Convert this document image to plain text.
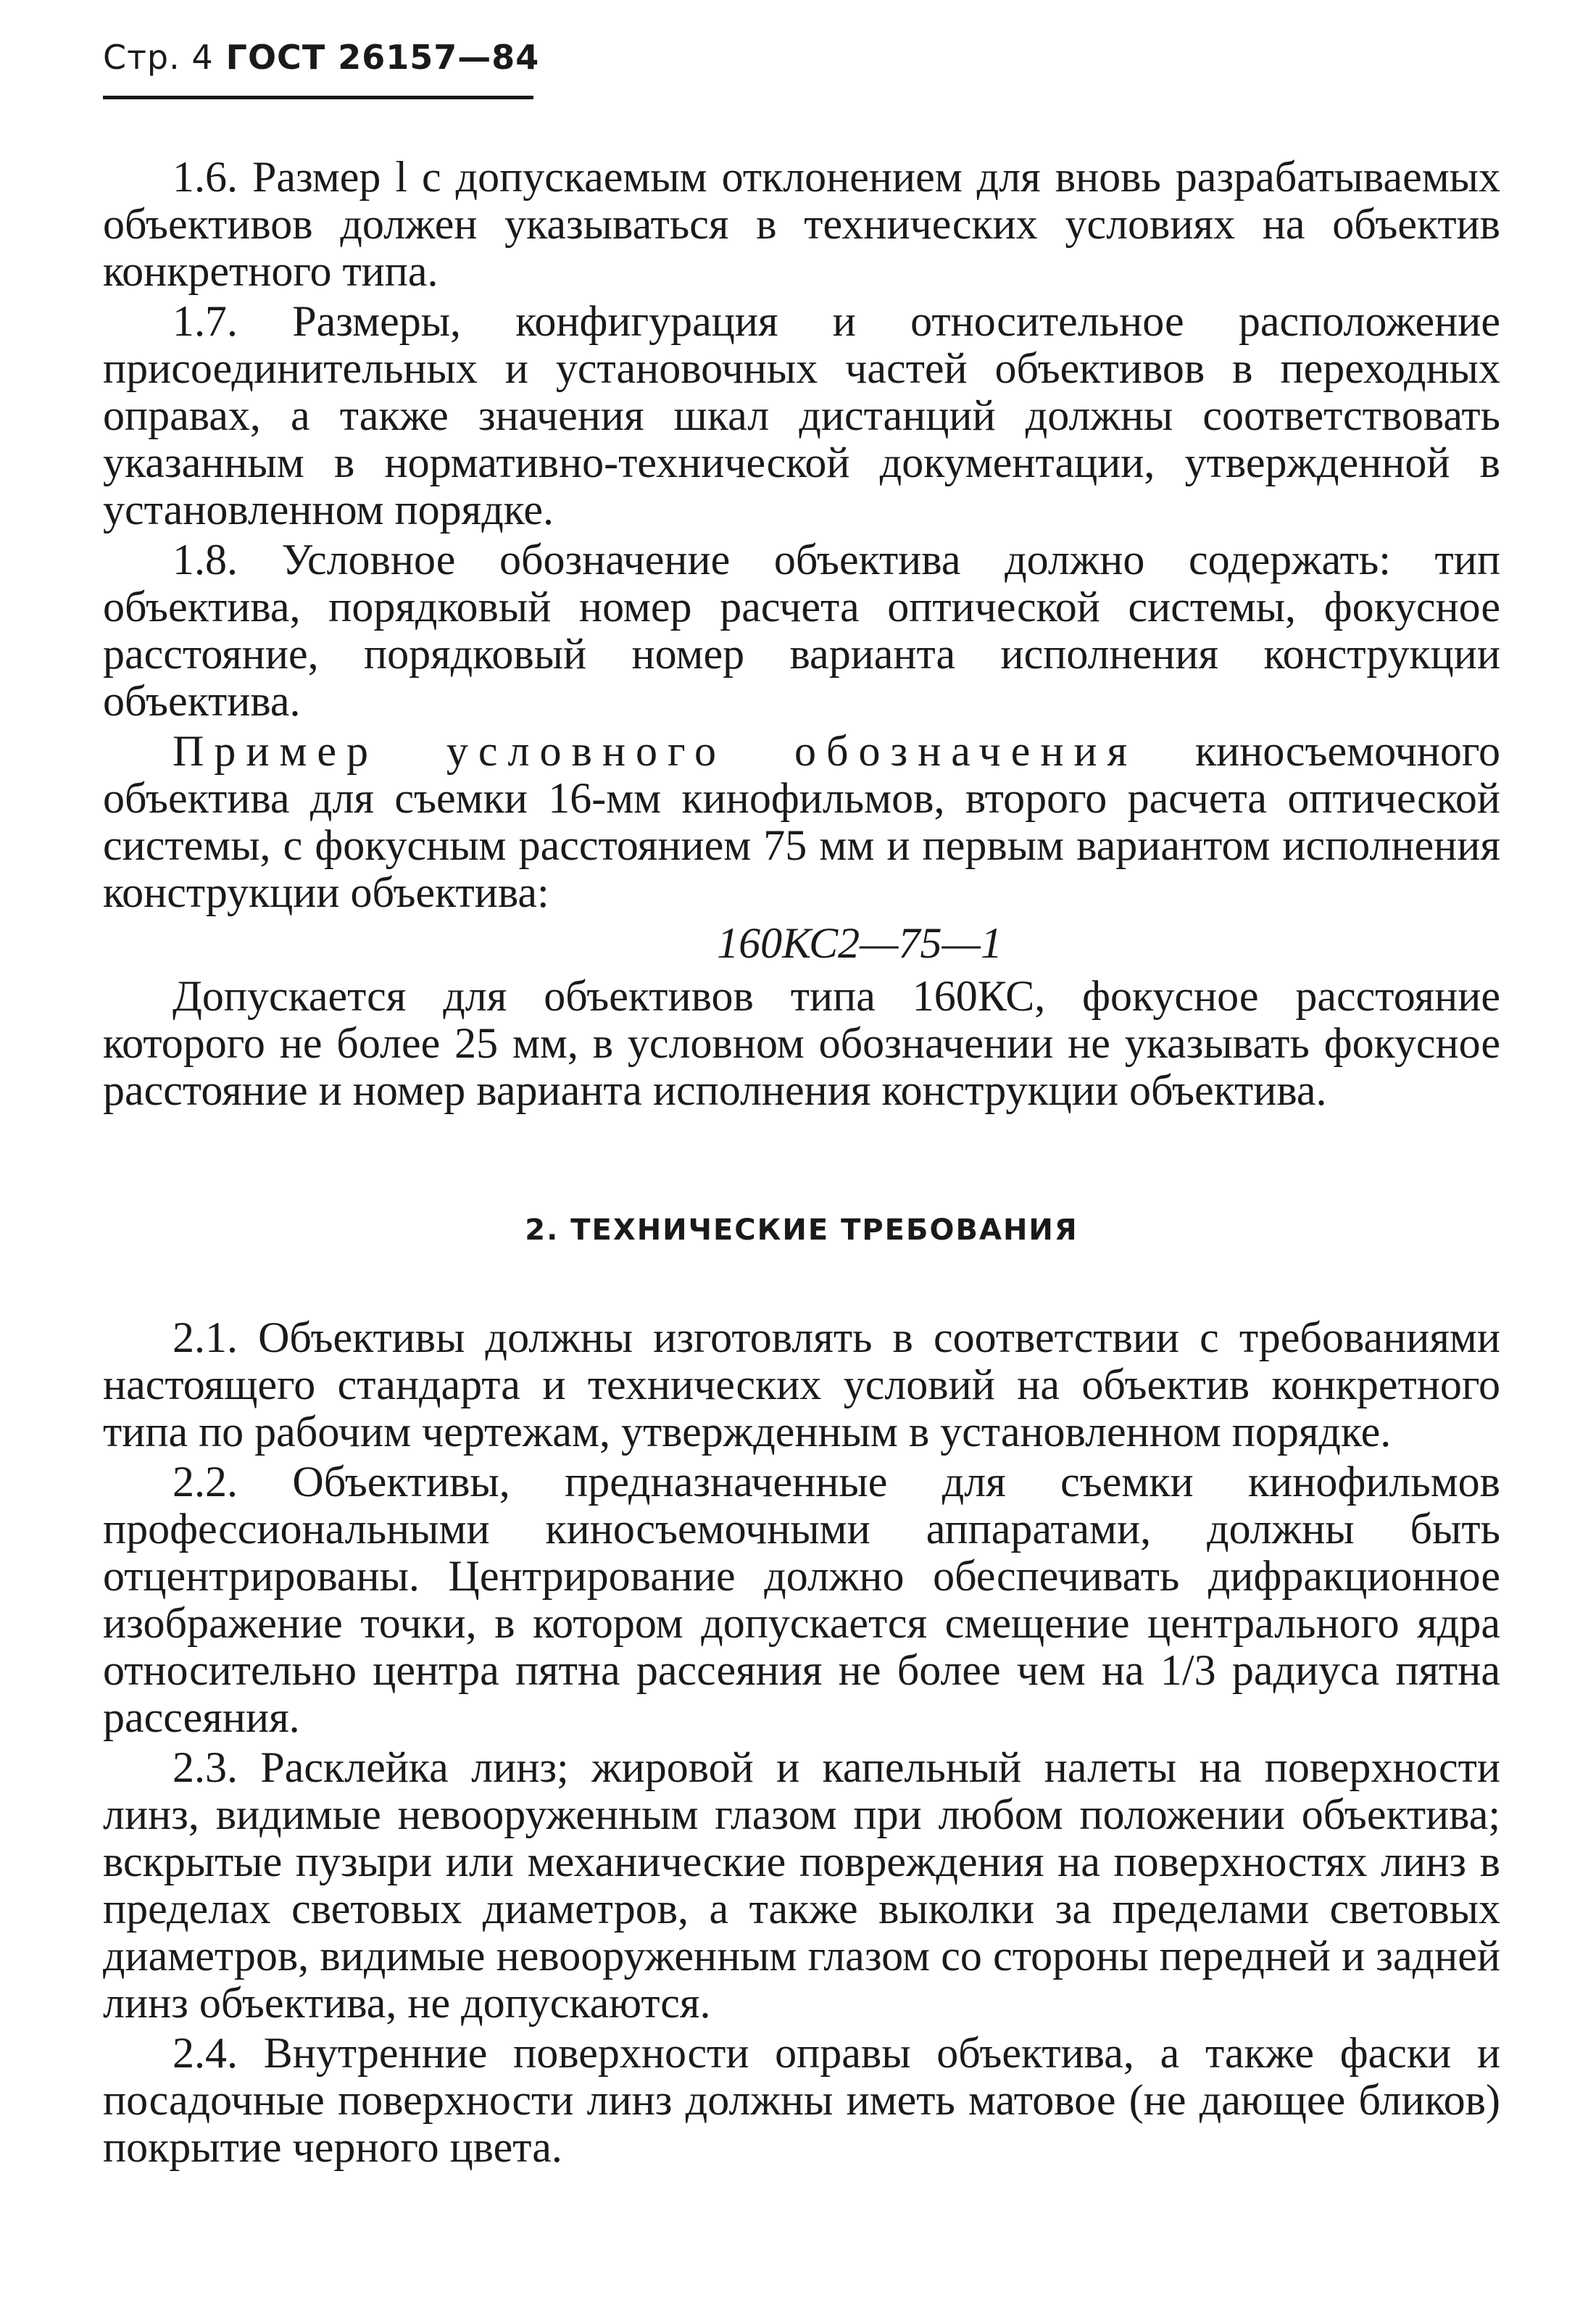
Стр. 4 ГОСТ 26157—84

1.6. Размер l с допускаемым отклонением для вновь разрабатываемых объективов должен указываться в технических условиях на объектив конкретного типа.

1.7. Размеры, конфигурация и относительное расположение присоединительных и установочных частей объективов в переходных оправах, а также значения шкал дистанций должны соответствовать указанным в нормативно-технической документации, утвержденной в установленном порядке.

1.8. Условное обозначение объектива должно содержать: тип объектива, порядковый номер расчета оптической системы, фокусное расстояние, порядковый номер варианта исполнения конструкции объектива.

Пример условного обозначения киносъемочного объектива для съемки 16-мм кинофильмов, второго расчета оптической системы, с фокусным расстоянием 75 мм и первым вариантом исполнения конструкции объектива:

160КС2—75—1

Допускается для объективов типа 160КС, фокусное расстояние которого не более 25 мм, в условном обозначении не указывать фокусное расстояние и номер варианта исполнения конструкции объектива.

2. ТЕХНИЧЕСКИЕ ТРЕБОВАНИЯ

2.1. Объективы должны изготовлять в соответствии с требованиями настоящего стандарта и технических условий на объектив конкретного типа по рабочим чертежам, утвержденным в установленном порядке.

2.2. Объективы, предназначенные для съемки кинофильмов профессиональными киносъемочными аппаратами, должны быть отцентрированы. Центрирование должно обеспечивать дифракционное изображение точки, в котором допускается смещение центрального ядра относительно центра пятна рассеяния не более чем на 1/3 радиуса пятна рассеяния.

2.3. Расклейка линз; жировой и капельный налеты на поверхности линз, видимые невооруженным глазом при любом положении объектива; вскрытые пузыри или механические повреждения на поверхностях линз в пределах световых диаметров, а также выколки за пределами световых диаметров, видимые невооруженным глазом со стороны передней и задней линз объектива, не допускаются.

2.4. Внутренние поверхности оправы объектива, а также фаски и посадочные поверхности линз должны иметь матовое (не дающее бликов) покрытие черного цвета.
